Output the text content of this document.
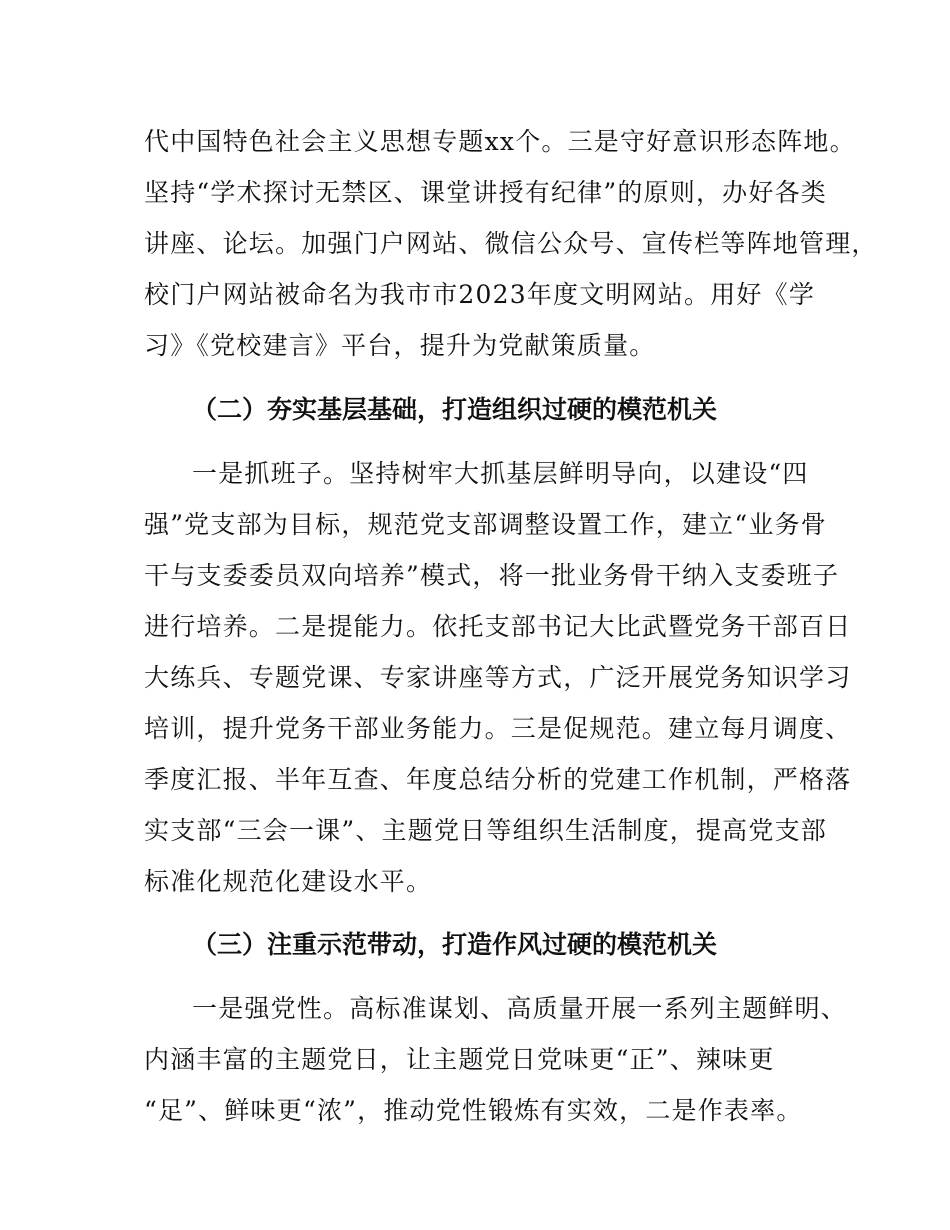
代中国特色社会主义思想专题xx个。三是守好意识形态阵地。
坚持“学术探讨无禁区、课堂讲授有纪律”的原则，办好各类
讲座、论坛。加强门户网站、微信公众号、宣传栏等阵地管理，
校门户网站被命名为我市市2023年度文明网站。用好《学
习》《党校建言》平台，提升为党献策质量。
（二）夯实基层基础，打造组织过硬的模范机关
一是抓班子。坚持树牢大抓基层鲜明导向，以建设“四
强”党支部为目标，规范党支部调整设置工作，建立“业务骨
干与支委委员双向培养”模式，将一批业务骨干纳入支委班子
进行培养。二是提能力。依托支部书记大比武暨党务干部百日
大练兵、专题党课、专家讲座等方式，广泛开展党务知识学习
培训，提升党务干部业务能力。三是促规范。建立每月调度、
季度汇报、半年互查、年度总结分析的党建工作机制，严格落
实支部“三会一课”、主题党日等组织生活制度，提高党支部
标准化规范化建设水平。
（三）注重示范带动，打造作风过硬的模范机关
一是强党性。高标准谋划、高质量开展一系列主题鲜明、
内涵丰富的主题党日，让主题党日党味更“正”、辣味更
“足”、鲜味更“浓”，推动党性锻炼有实效，二是作表率。
